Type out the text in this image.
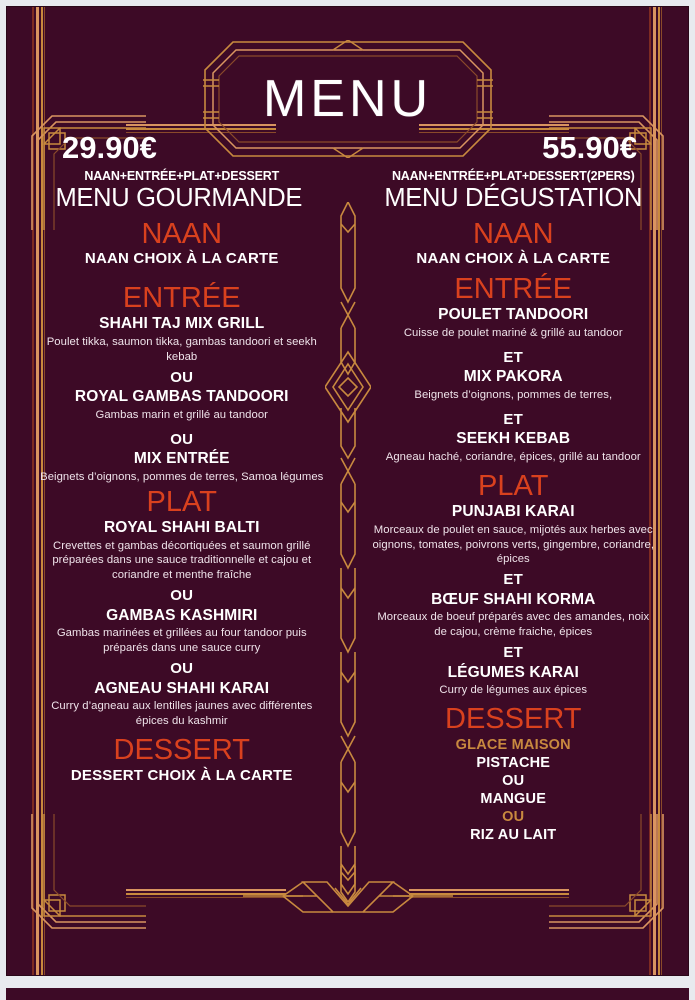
MENU
29.90€
NAAN+ENTRÉE+PLAT+DESSERT
MENU GOURMANDE
NAAN
NAAN CHOIX À LA CARTE
ENTRÉE
SHAHI TAJ MIX GRILL
Poulet tikka, saumon tikka, gambas tandoori et seekh kebab
OU
ROYAL GAMBAS TANDOORI
Gambas marin et grillé au tandoor
OU
MIX ENTRÉE
Beignets d’oignons, pommes de terres, Samoa légumes
PLAT
ROYAL SHAHI BALTI
Crevettes et gambas décortiquées et saumon grillé préparées dans une sauce traditionnelle et cajou et coriandre et menthe fraîche
OU
GAMBAS KASHMIRI
Gambas marinées et grillées au four tandoor puis préparés dans une sauce curry
OU
AGNEAU SHAHI KARAI
Curry d’agneau aux lentilles jaunes avec différentes épices du kashmir
DESSERT
DESSERT CHOIX À LA CARTE
55.90€
NAAN+ENTRÉE+PLAT+DESSERT(2PERS)
MENU DÉGUSTATION
NAAN
NAAN CHOIX À LA CARTE
ENTRÉE
POULET TANDOORI
Cuisse de poulet mariné & grillé au tandoor
ET
MIX PAKORA
Beignets d’oignons, pommes de terres,
ET
SEEKH KEBAB
Agneau haché, coriandre, épices, grillé au tandoor
PLAT
PUNJABI KARAI
Morceaux de poulet en sauce, mijotés aux herbes avec oignons, tomates, poivrons verts, gingembre, coriandre, épices
ET
BŒUF SHAHI KORMA
Morceaux de boeuf préparés avec des amandes, noix de cajou, crème fraiche, épices
ET
LÉGUMES KARAI
Curry de légumes aux épices
DESSERT
GLACE MAISON
PISTACHE
OU
MANGUE
OU
RIZ AU LAIT
